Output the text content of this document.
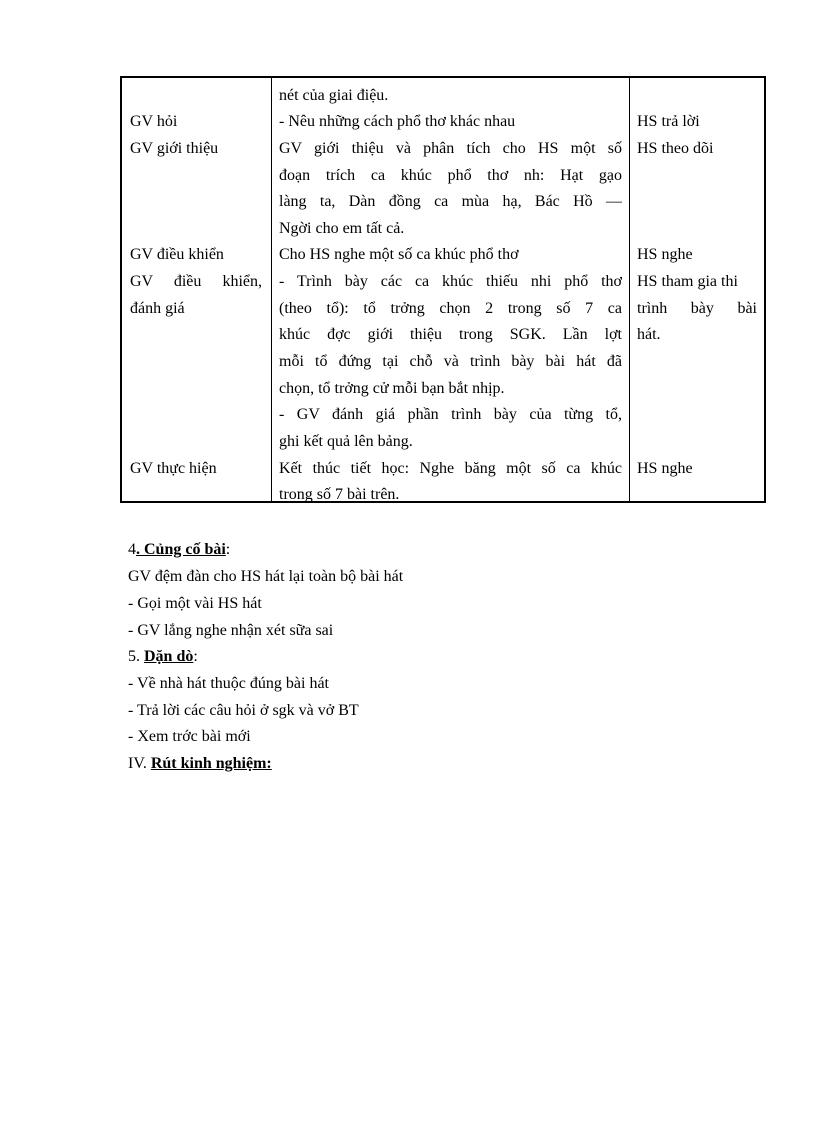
GV hỏi
GV giới thiệu
GV điều khiển
GV điều khiển,
đánh giá
GV thực hiện
nét của giai điệu.
- Nêu những cách phổ thơ khác nhau
GV giới thiệu và phân tích cho HS một số
đoạn trích ca khúc phổ thơ nh: Hạt gạo
làng ta, Dàn đồng ca mùa hạ, Bác Hồ —
Ngời cho em tất cả.
Cho HS nghe một số ca khúc phổ thơ
- Trình bày các ca khúc thiếu nhi phổ thơ
(theo tổ): tổ trởng chọn 2 trong số 7 ca
khúc đợc giới thiệu trong SGK. Lần lợt
mỗi tổ đứng tại chỗ và trình bày bài hát đã
chọn, tổ trởng cử mỗi bạn bắt nhịp.
- GV đánh giá phần trình bày của từng tổ,
ghi kết quả lên bảng.
Kết thúc tiết học: Nghe băng một số ca khúc
trong số 7 bài trên.
HS trả lời
HS theo dõi
HS nghe
HS tham gia thi
trình bày bài
hát.
HS nghe
4. Củng cố bài:
GV đệm đàn cho HS hát lại toàn bộ bài hát
- Gọi một vài HS hát
- GV lắng nghe nhận xét sữa sai
5. Dặn dò:
- Về nhà hát thuộc đúng bài hát
- Trả lời các câu hỏi ở sgk và vở BT
- Xem trớc bài mới
IV. Rút kinh nghiệm:
